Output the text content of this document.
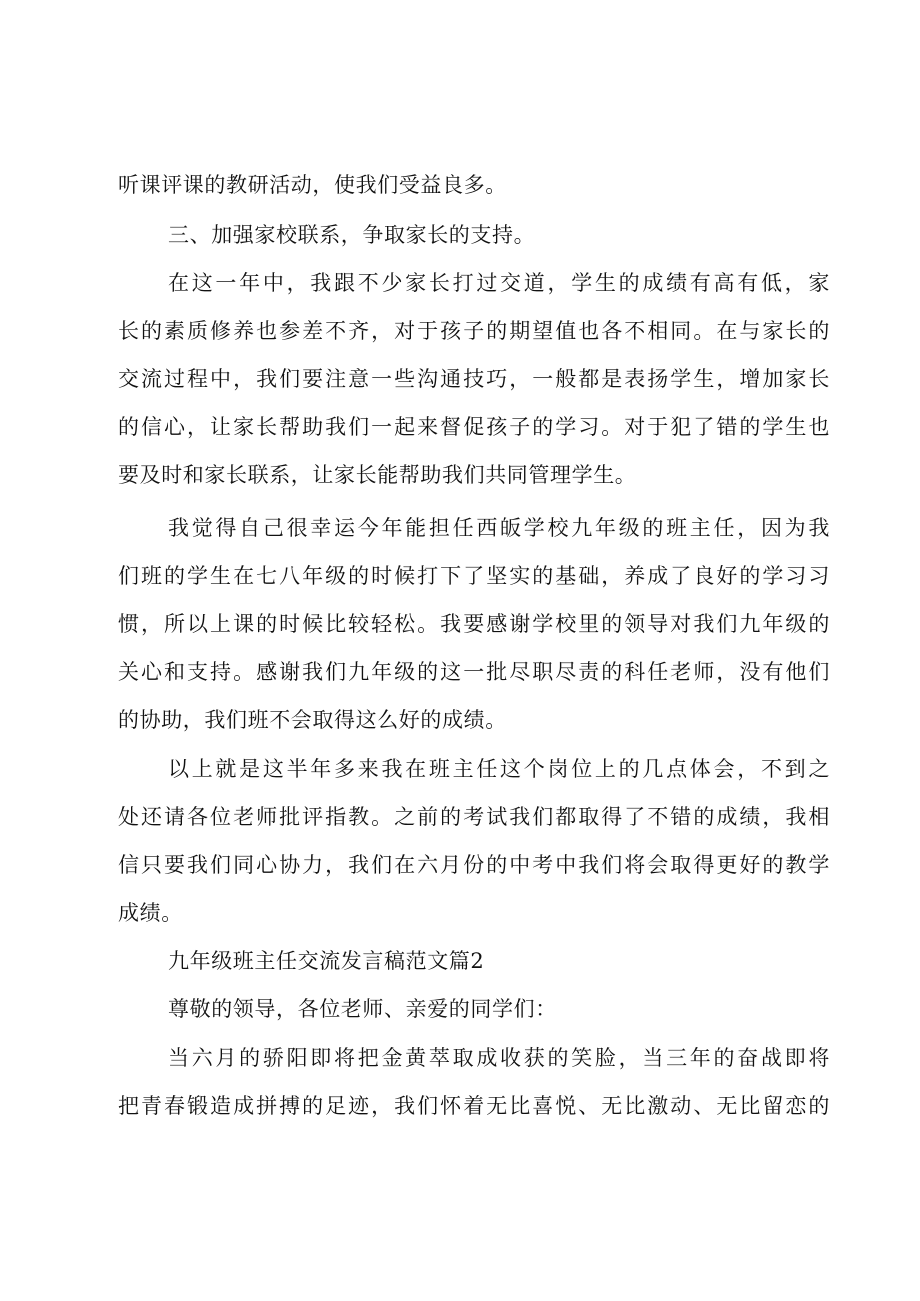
听课评课的教研活动，使我们受益良多。
三、加强家校联系，争取家长的支持。
在这一年中，我跟不少家长打过交道，学生的成绩有高有低，家
长的素质修养也参差不齐，对于孩子的期望值也各不相同。在与家长的
交流过程中，我们要注意一些沟通技巧，一般都是表扬学生，增加家长
的信心，让家长帮助我们一起来督促孩子的学习。对于犯了错的学生也
要及时和家长联系，让家长能帮助我们共同管理学生。
我觉得自己很幸运今年能担任西皈学校九年级的班主任，因为我
们班的学生在七八年级的时候打下了坚实的基础，养成了良好的学习习
惯，所以上课的时候比较轻松。我要感谢学校里的领导对我们九年级的
关心和支持。感谢我们九年级的这一批尽职尽责的科任老师，没有他们
的协助，我们班不会取得这么好的成绩。
以上就是这半年多来我在班主任这个岗位上的几点体会，不到之
处还请各位老师批评指教。之前的考试我们都取得了不错的成绩，我相
信只要我们同心协力，我们在六月份的中考中我们将会取得更好的教学
成绩。
九年级班主任交流发言稿范文篇2
尊敬的领导，各位老师、亲爱的同学们：
当六月的骄阳即将把金黄萃取成收获的笑脸，当三年的奋战即将
把青春锻造成拼搏的足迹，我们怀着无比喜悦、无比激动、无比留恋的
